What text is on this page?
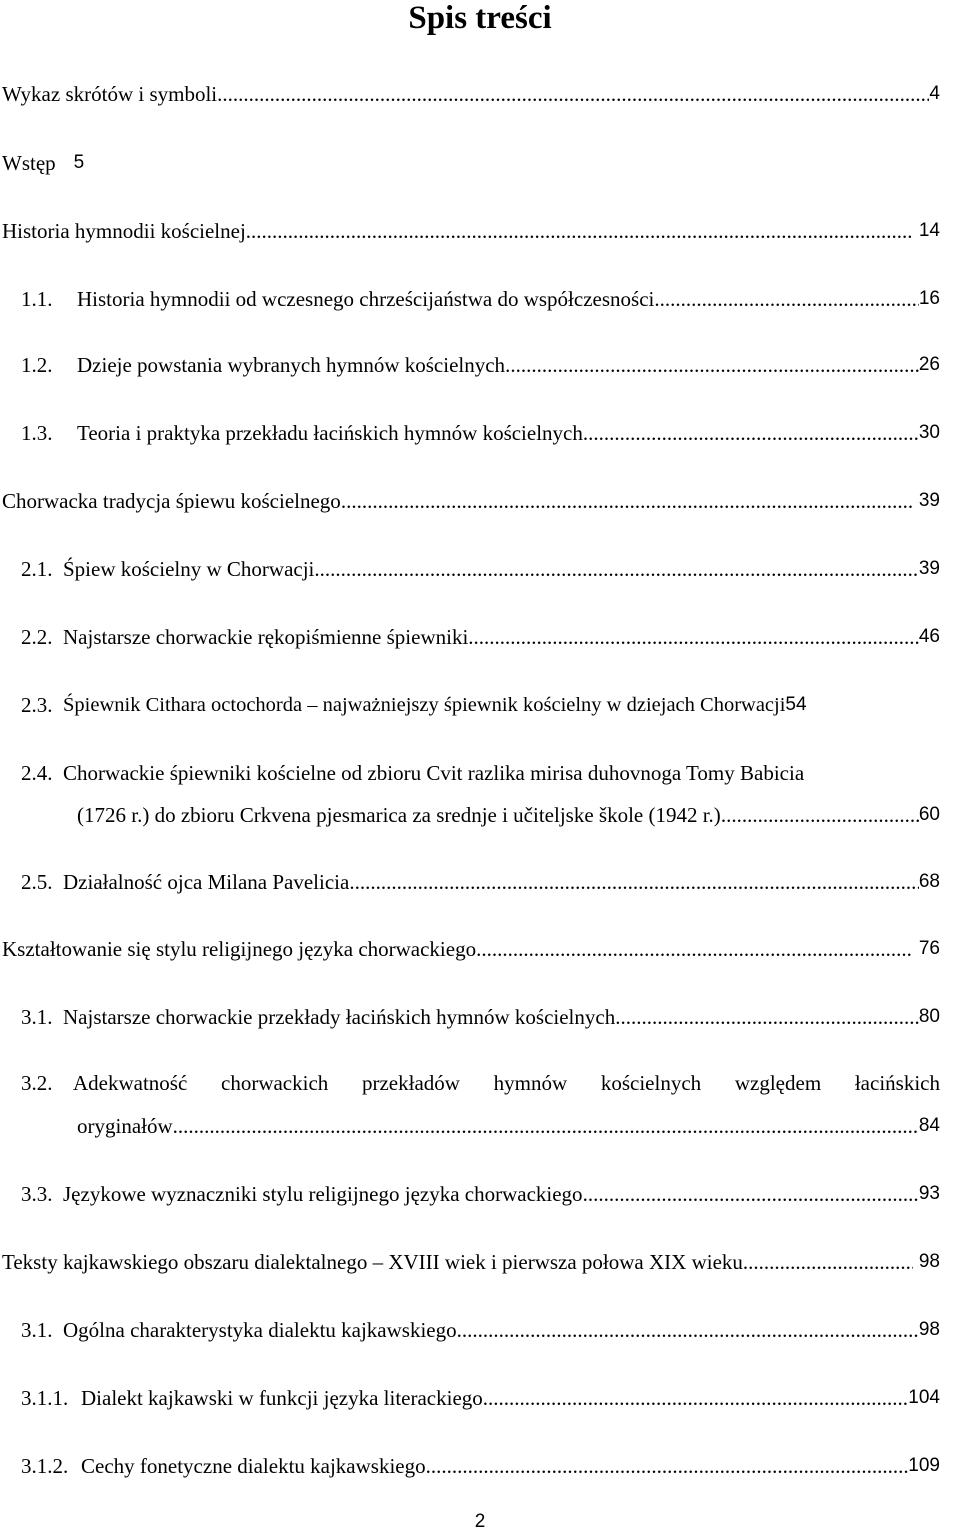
Spis treści
Wykaz skrótów i symboli .....	4
Wstęp 5
Historia hymnodii kościelnej .....	14
1.1.	Historia hymnodii od wczesnego chrześcijaństwa do współczesności .....	16
1.2.	Dzieje powstania wybranych hymnów kościelnych .....	26
1.3.	Teoria i praktyka przekładu łacińskich hymnów kościelnych .....	30
Chorwacka tradycja śpiewu kościelnego .....	39
2.1. Śpiew kościelny w Chorwacji .....	39
2.2. Najstarsze chorwackie rękopiśmienne śpiewniki .....	46
2.3. Śpiewnik Cithara octochorda – najważniejszy śpiewnik kościelny w dziejach Chorwacji 54
2.4. Chorwackie śpiewniki kościelne od zbioru Cvit razlika mirisa duhovnoga Tomy Babicia
(1726 r.) do zbioru Crkvena pjesmarica za srednje i učiteljske škole (1942 r.) .....	60
2.5. Działalność ojca Milana Pavelicia .....	68
Kształtowanie się stylu religijnego języka chorwackiego .....	76
3.1. Najstarsze chorwackie przekłady łacińskich hymnów kościelnych .....	80
3.2. Adekwatność chorwackich przekładów hymnów kościelnych względem łacińskich
oryginałów .....	84
3.3. Językowe wyznaczniki stylu religijnego języka chorwackiego .....	93
Teksty kajkawskiego obszaru dialektalnego – XVIII wiek i pierwsza połowa XIX wieku .....	98
3.1. Ogólna charakterystyka dialektu kajkawskiego .....	98
3.1.1. Dialekt kajkawski w funkcji języka literackiego .....	104
3.1.2. Cechy fonetyczne dialektu kajkawskiego .....	109
2
